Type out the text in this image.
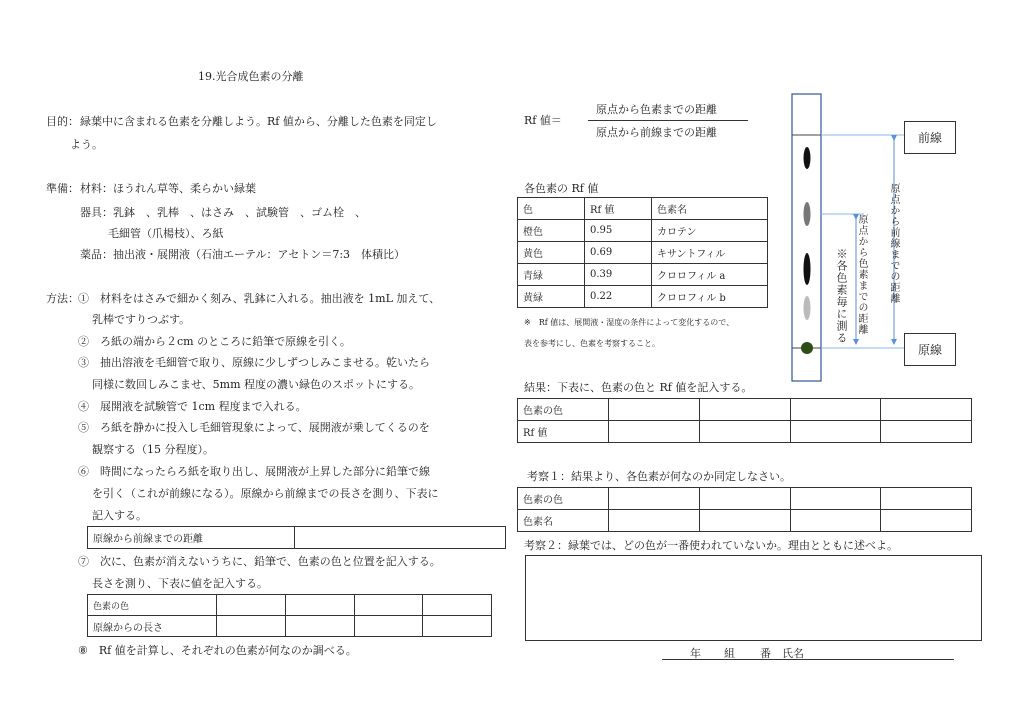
19.光合成色素の分離
目的： 緑葉中に含まれる色素を分離しよう。Rf 値から、分離した色素を同定し
よう。
準備： 材料：ほうれん草等、柔らかい緑葉
器具：乳鉢　、乳棒　、はさみ　、試験管　、ゴム栓　、
毛細管（爪楊枝）、ろ紙
薬品：抽出液・展開液（石油エーテル：アセトン＝7:3　体積比）
方法： ①　材料をはさみで細かく刻み、乳鉢に入れる。抽出液を 1mL 加えて、
乳棒ですりつぶす。
②　ろ紙の端から２cm のところに鉛筆で原線を引く。
③　抽出溶液を毛細管で取り、原線に少しずつしみこませる。乾いたら
同様に数回しみこませ、5mm 程度の濃い緑色のスポットにする。
④　展開液を試験管で 1cm 程度まで入れる。
⑤　ろ紙を静かに投入し毛細管現象によって、展開液が乗してくるのを
観察する（15 分程度）。
⑥　時間になったらろ紙を取り出し、展開液が上昇した部分に鉛筆で線
を引く（これが前線になる）。原線から前線までの長さを測り、下表に
記入する。
原線から前線までの距離	
⑦　次に、色素が消えないうちに、鉛筆で、色素の色と位置を記入する。
長さを測り、下表に値を記入する。
色素の色				
原線からの長さ				
⑧　Rf 値を計算し、それぞれの色素が何なのか調べる。
Rf 値＝
原点から色素までの距離
原点から前線までの距離
各色素の Rf 値
色	Rf 値	色素名
橙色	0.95	カロテン
黄色	0.69	キサントフィル
青緑	0.39	クロロフィル a
黄緑	0.22	クロロフィル b
※　Rf 値は、展開液・湿度の条件によって変化するので、
表を参考にし、色素を考察すること。
前線
原線
原点から前線までの距離
原点から色素までの距離
※各色素毎に測る
結果：下表に、色素の色と Rf 値を記入する。
色素の色				
Rf 値				
考察１：結果より、各色素が何なのか同定しなさい。
色素の色				
色素名				
考察２：緑葉では、どの色が一番使われていないか。理由とともに述べよ。
年 組 番 氏名
